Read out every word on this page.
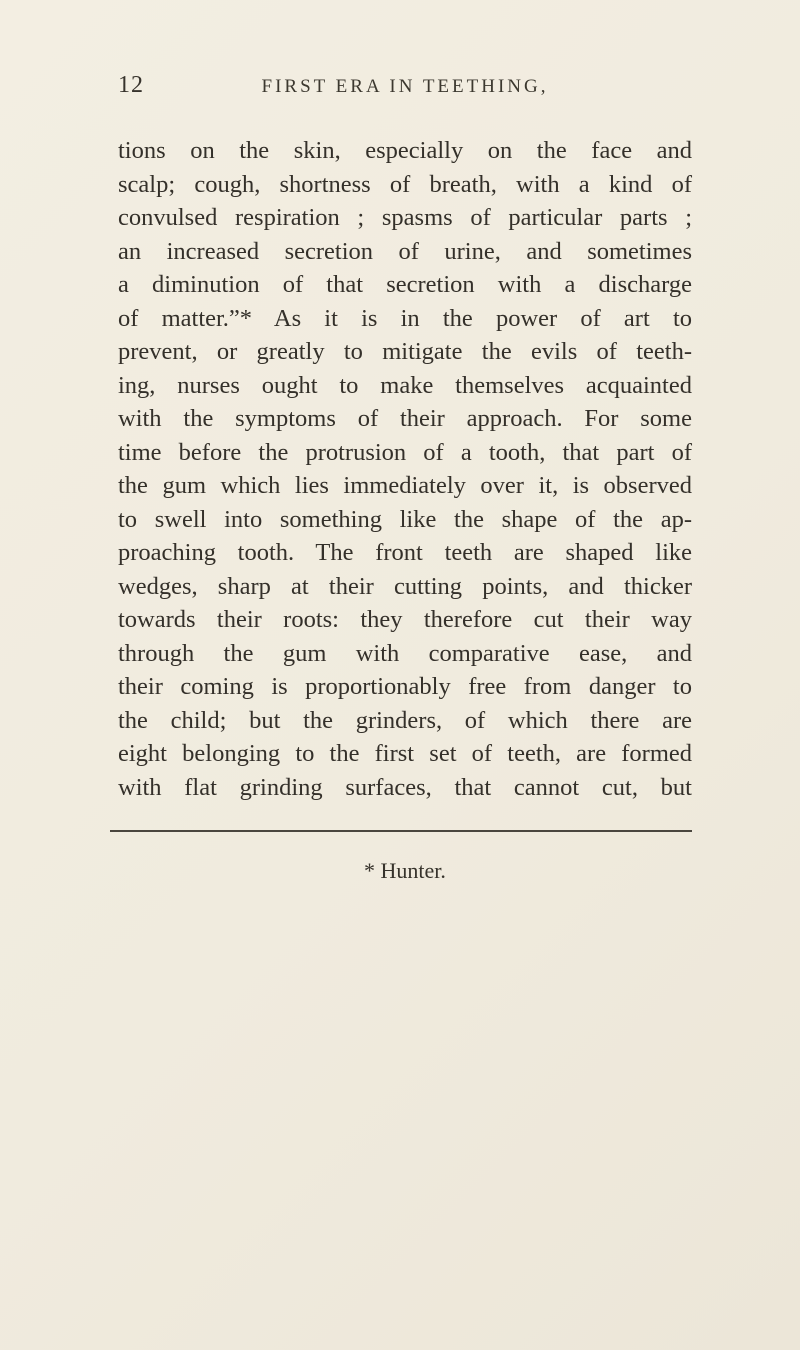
12	FIRST ERA IN TEETHING,
tions on the skin, especially on the face and
scalp; cough, shortness of breath, with a kind of
convulsed respiration ; spasms of particular parts ;
an increased secretion of urine, and sometimes
a diminution of that secretion with a discharge
of matter.”* As it is in the power of art to
prevent, or greatly to mitigate the evils of teeth-
ing, nurses ought to make themselves acquainted
with the symptoms of their approach. For some
time before the protrusion of a tooth, that part of
the gum which lies immediately over it, is observed
to swell into something like the shape of the ap-
proaching tooth. The front teeth are shaped like
wedges, sharp at their cutting points, and thicker
towards their roots: they therefore cut their way
through the gum with comparative ease, and
their coming is proportionably free from danger to
the child; but the grinders, of which there are
eight belonging to the first set of teeth, are formed
with flat grinding surfaces, that cannot cut, but
* Hunter.
